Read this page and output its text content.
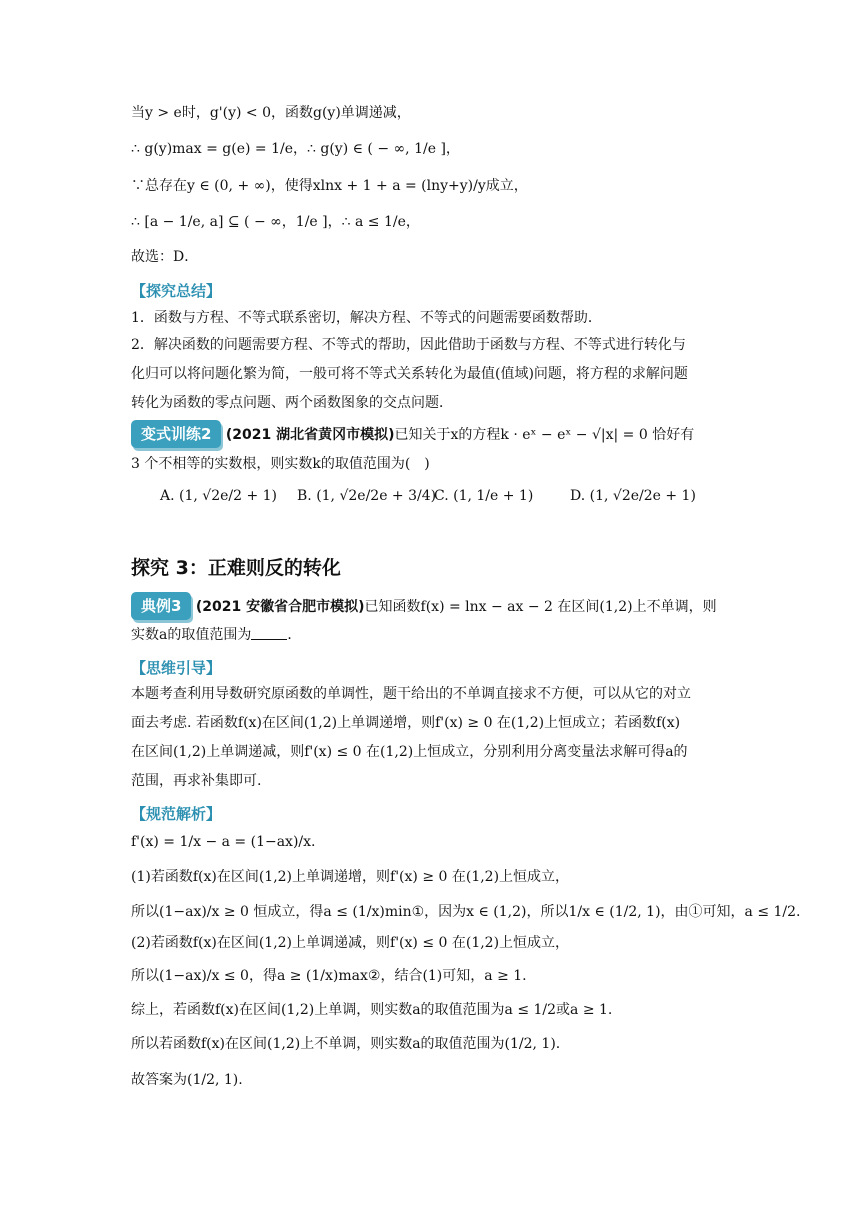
当y > e时，g'(y) < 0，函数g(y)单调递减，
∴ g(y)max = g(e) = 1/e，∴ g(y) ∈ ( − ∞, 1/e ]，
∵总存在y ∈ (0, + ∞)，使得xlnx + 1 + a = (lny+y)/y成立，
∴ [a − 1/e, a] ⊆ ( − ∞，1/e ]，∴ a ≤ 1/e，
故选：D．
【探究总结】
1．函数与方程、不等式联系密切，解决方程、不等式的问题需要函数帮助．
2．解决函数的问题需要方程、不等式的帮助，因此借助于函数与方程、不等式进行转化与
化归可以将问题化繁为简，一般可将不等式关系转化为最值(值域)问题，将方程的求解问题
转化为函数的零点问题、两个函数图象的交点问题．
变式训练2 (2021 湖北省黄冈市模拟)已知关于x的方程k · eˣ − eˣ − √|x| = 0 恰好有
3 个不相等的实数根，则实数k的取值范围为(　)
A. (1, √2e/2 + 1) B. (1, √2e/2e + 3/4)
C. (1, 1/e + 1)	D. (1, √2e/2e + 1)
探究 3：正难则反的转化
典例3 (2021 安徽省合肥市模拟)已知函数f(x) = lnx − ax − 2 在区间(1,2)上不单调，则
实数a的取值范围为	．
【思维引导】
本题考查利用导数研究原函数的单调性，题干给出的不单调直接求不方便，可以从它的对立
面去考虑. 若函数f(x)在区间(1,2)上单调递增，则f'(x) ≥ 0 在(1,2)上恒成立；若函数f(x)
在区间(1,2)上单调递减，则f'(x) ≤ 0 在(1,2)上恒成立，分别利用分离变量法求解可得a的
范围，再求补集即可.
【规范解析】
f'(x) = 1/x − a = (1−ax)/x.
(1)若函数f(x)在区间(1,2)上单调递增，则f'(x) ≥ 0 在(1,2)上恒成立，
所以(1−ax)/x ≥ 0 恒成立，得a ≤ (1/x)min①，因为x ∈ (1,2)，所以1/x ∈ (1/2, 1)，由①可知，a ≤ 1/2.
(2)若函数f(x)在区间(1,2)上单调递减，则f'(x) ≤ 0 在(1,2)上恒成立，
所以(1−ax)/x ≤ 0，得a ≥ (1/x)max②，结合(1)可知，a ≥ 1.
综上，若函数f(x)在区间(1,2)上单调，则实数a的取值范围为a ≤ 1/2或a ≥ 1.
所以若函数f(x)在区间(1,2)上不单调，则实数a的取值范围为(1/2, 1).
故答案为(1/2, 1).
